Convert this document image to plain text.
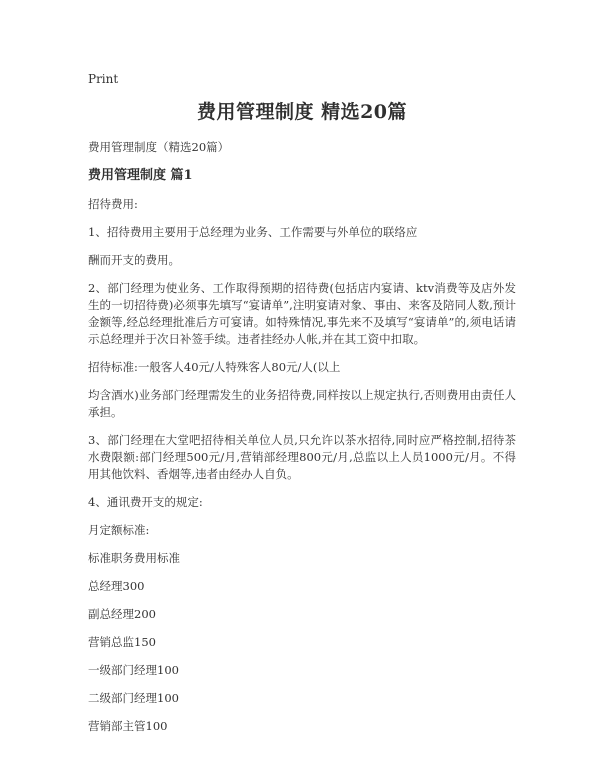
Print
费用管理制度 精选20篇

费用管理制度（精选20篇）

费用管理制度 篇1

招待费用:

1、招待费用主要用于总经理为业务、工作需要与外单位的联络应

酬而开支的费用。

2、部门经理为使业务、工作取得预期的招待费(包括店内宴请、ktv消费等及店外发生的一切招待费)必须事先填写“宴请单”,注明宴请对象、事由、来客及陪同人数,预计金额等,经总经理批准后方可宴请。如特殊情况,事先来不及填写“宴请单”的,须电话请示总经理并于次日补签手续。违者挂经办人帐,并在其工资中扣取。

招待标准:一般客人40元/人特殊客人80元/人(以上

均含酒水)业务部门经理需发生的业务招待费,同样按以上规定执行,否则费用由责任人承担。

3、部门经理在大堂吧招待相关单位人员,只允许以茶水招待,同时应严格控制,招待茶水费限额:部门经理500元/月,营销部经理800元/月,总监以上人员1000元/月。不得用其他饮料、香烟等,违者由经办人自负。

4、通讯费开支的规定:

月定额标准:

标准职务费用标准

总经理300

副总经理200

营销总监150

一级部门经理100

二级部门经理100

营销部主管100
